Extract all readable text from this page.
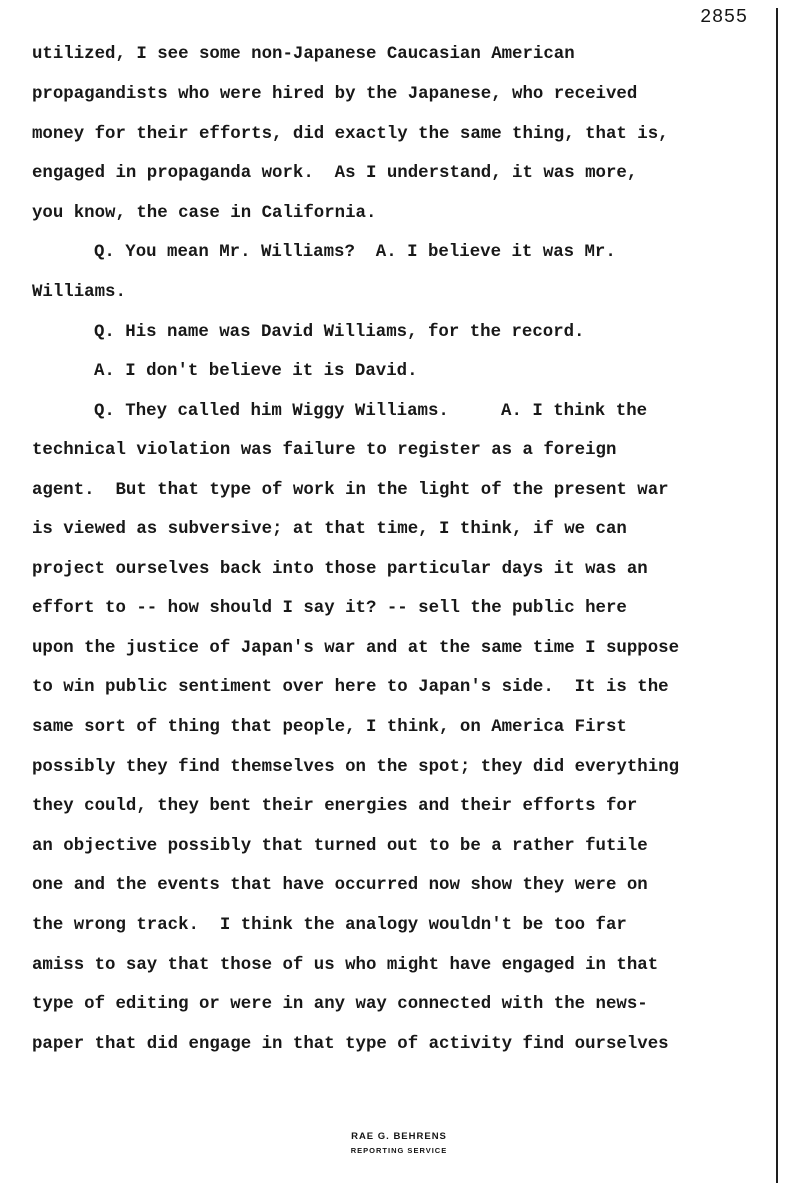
2855
utilized, I see some non-Japanese Caucasian American
propagandists who were hired by the Japanese, who received
money for their efforts, did exactly the same thing, that is,
engaged in propaganda work.  As I understand, it was more,
you know, the case in California.
Q. You mean Mr. Williams?  A. I believe it was Mr.
Williams.
Q. His name was David Williams, for the record.
A. I don't believe it is David.
Q. They called him Wiggy Williams.     A. I think the
technical violation was failure to register as a foreign
agent.  But that type of work in the light of the present war
is viewed as subversive; at that time, I think, if we can
project ourselves back into those particular days it was an
effort to -- how should I say it? -- sell the public here
upon the justice of Japan's war and at the same time I suppose
to win public sentiment over here to Japan's side.  It is the
same sort of thing that people, I think, on America First
possibly they find themselves on the spot; they did everything
they could, they bent their energies and their efforts for
an objective possibly that turned out to be a rather futile
one and the events that have occurred now show they were on
the wrong track.  I think the analogy wouldn't be too far
amiss to say that those of us who might have engaged in that
type of editing or were in any way connected with the news-
paper that did engage in that type of activity find ourselves
RAE G. BEHRENS
REPORTING SERVICE
